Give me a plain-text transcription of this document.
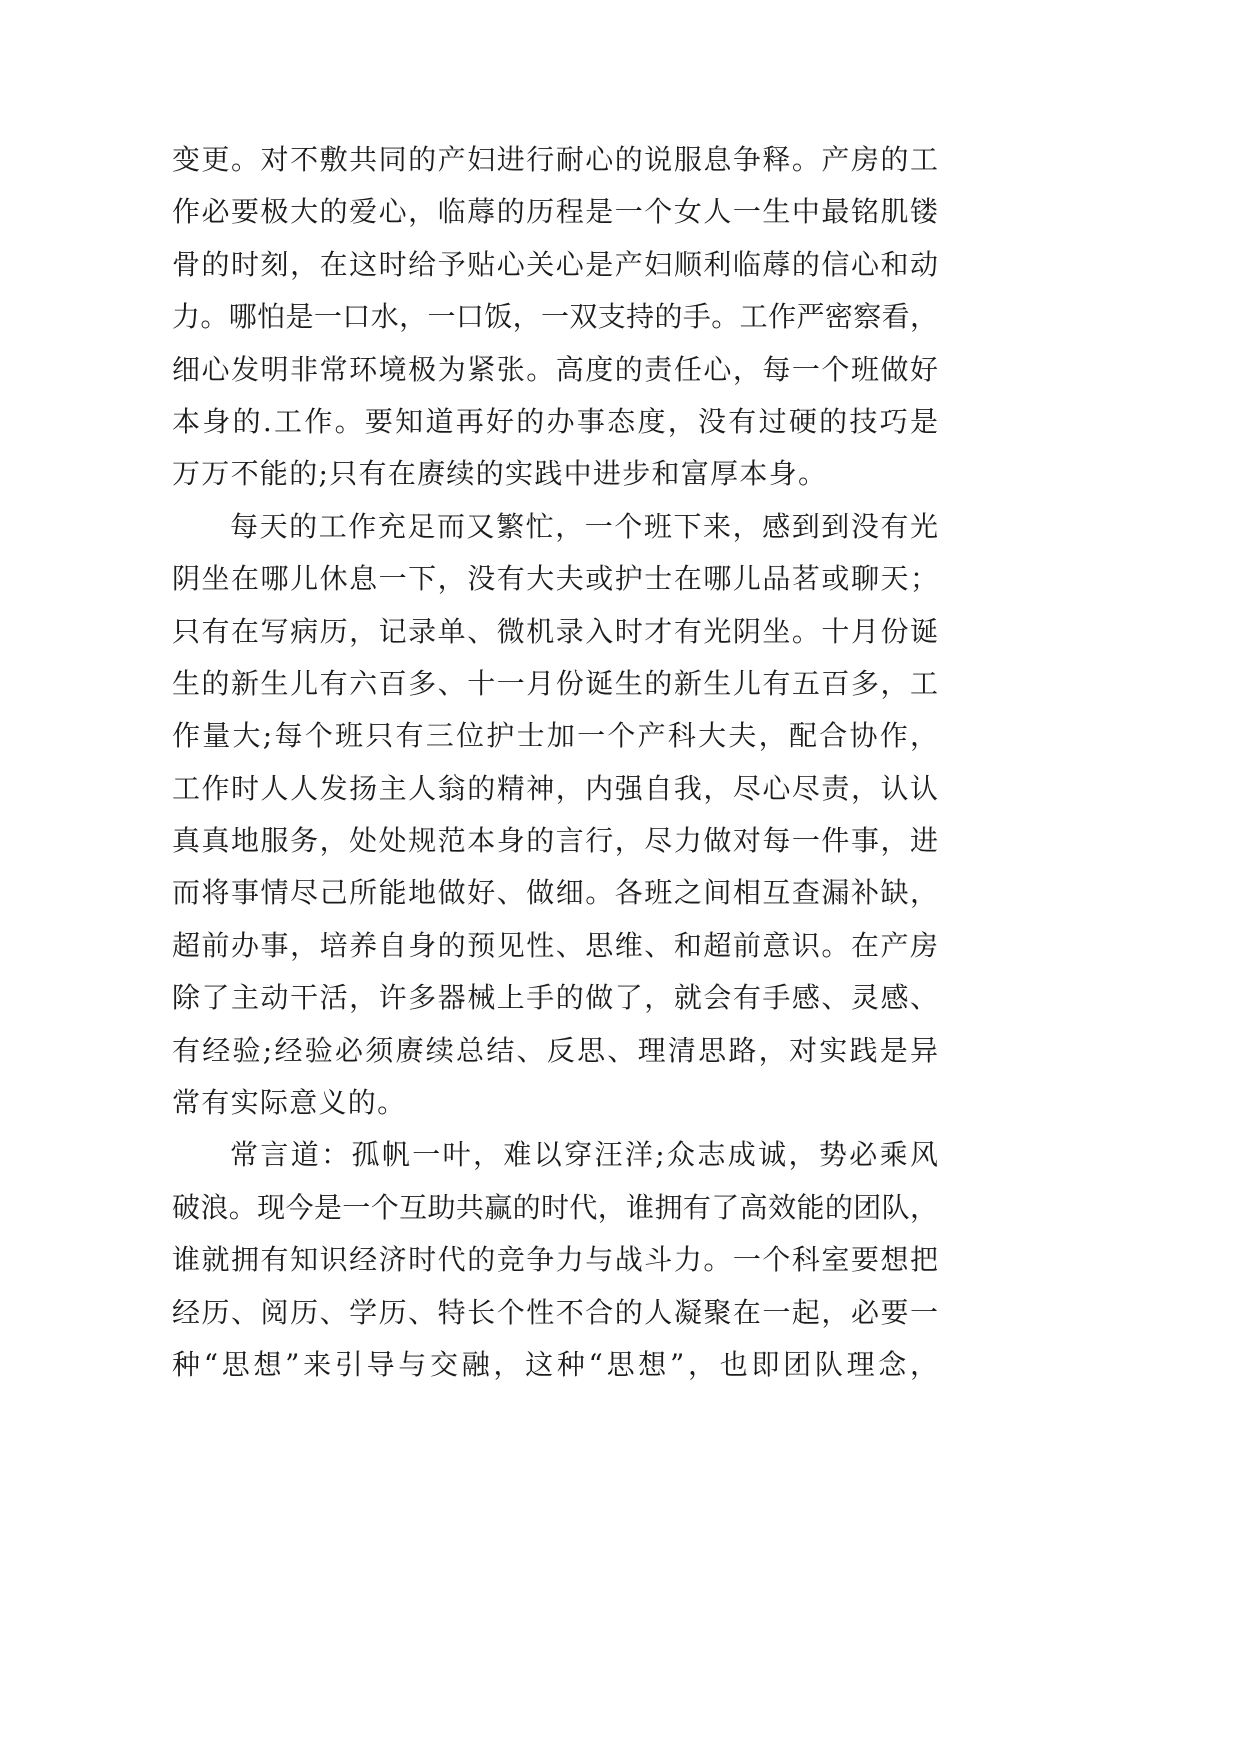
变更。对不敷共同的产妇进行耐心的说服息争释。产房的工
作必要极大的爱心，临蓐的历程是一个女人一生中最铭肌镂
骨的时刻，在这时给予贴心关心是产妇顺利临蓐的信心和动
力。哪怕是一口水，一口饭，一双支持的手。工作严密察看，
细心发明非常环境极为紧张。高度的责任心，每一个班做好
本身的.工作。要知道再好的办事态度，没有过硬的技巧是
万万不能的;只有在赓续的实践中进步和富厚本身。
每天的工作充足而又繁忙，一个班下来，感到到没有光
阴坐在哪儿休息一下，没有大夫或护士在哪儿品茗或聊天；
只有在写病历，记录单、微机录入时才有光阴坐。十月份诞
生的新生儿有六百多、十一月份诞生的新生儿有五百多，工
作量大;每个班只有三位护士加一个产科大夫，配合协作，
工作时人人发扬主人翁的精神，内强自我，尽心尽责，认认
真真地服务，处处规范本身的言行，尽力做对每一件事，进
而将事情尽己所能地做好、做细。各班之间相互查漏补缺，
超前办事，培养自身的预见性、思维、和超前意识。在产房
除了主动干活，许多器械上手的做了，就会有手感、灵感、
有经验;经验必须赓续总结、反思、理清思路，对实践是异
常有实际意义的。
常言道：孤帆一叶，难以穿汪洋;众志成诚，势必乘风
破浪。现今是一个互助共赢的时代，谁拥有了高效能的团队，
谁就拥有知识经济时代的竞争力与战斗力。一个科室要想把
经历、阅历、学历、特长个性不合的人凝聚在一起，必要一
种“思想”来引导与交融，这种“思想”，也即团队理念，
